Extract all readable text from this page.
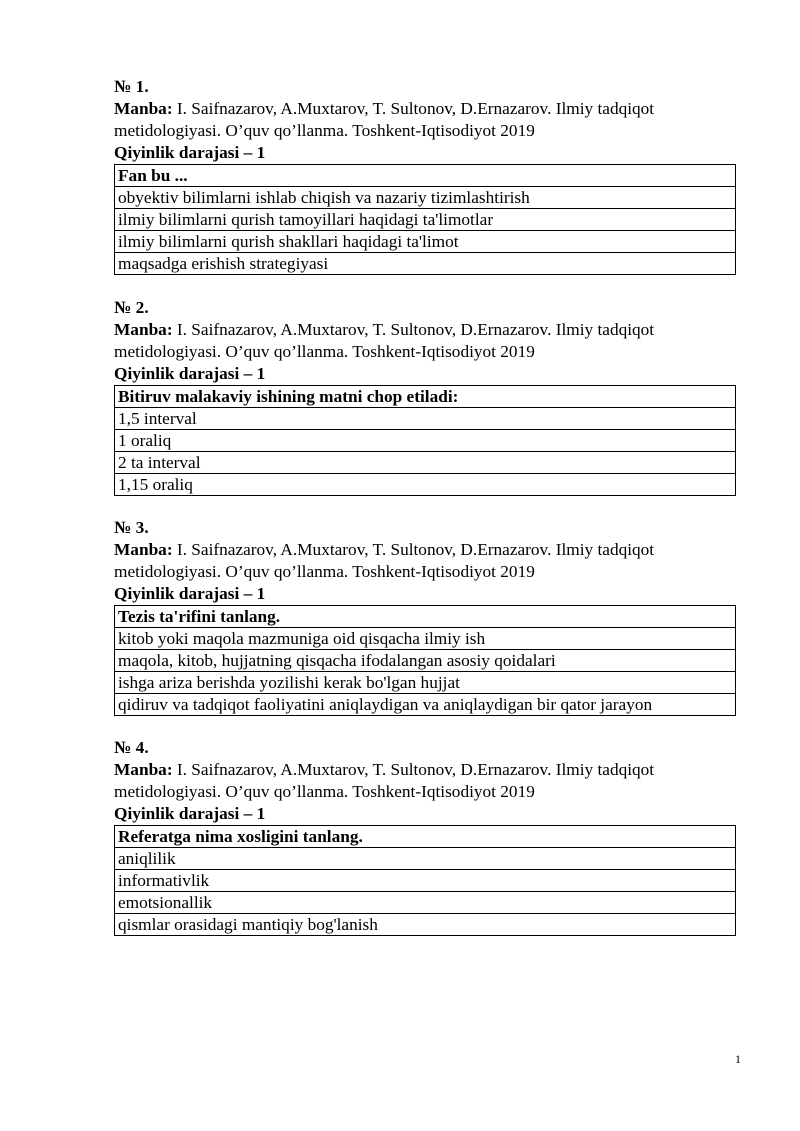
№ 1.
Manba: I. Saifnazarov, A.Muxtarov, T. Sultonov, D.Ernazarov. Ilmiy tadqiqot
metidologiyasi. O’quv qo’llanma. Toshkent-Iqtisodiyot 2019
Qiyinlik darajasi – 1
Fan bu ...
obyektiv bilimlarni ishlab chiqish va nazariy tizimlashtirish
ilmiy bilimlarni qurish tamoyillari haqidagi ta'limotlar
ilmiy bilimlarni qurish shakllari haqidagi ta'limot
maqsadga erishish strategiyasi
№ 2.
Manba: I. Saifnazarov, A.Muxtarov, T. Sultonov, D.Ernazarov. Ilmiy tadqiqot
metidologiyasi. O’quv qo’llanma. Toshkent-Iqtisodiyot 2019
Qiyinlik darajasi – 1
Bitiruv malakaviy ishining matni chop etiladi:
1,5 interval
1 oraliq
2 ta interval
1,15 oraliq
№ 3.
Manba: I. Saifnazarov, A.Muxtarov, T. Sultonov, D.Ernazarov. Ilmiy tadqiqot
metidologiyasi. O’quv qo’llanma. Toshkent-Iqtisodiyot 2019
Qiyinlik darajasi – 1
Tezis ta'rifini tanlang.
kitob yoki maqola mazmuniga oid qisqacha ilmiy ish
maqola, kitob, hujjatning qisqacha ifodalangan asosiy qoidalari
ishga ariza berishda yozilishi kerak bo'lgan hujjat
qidiruv va tadqiqot faoliyatini aniqlaydigan va aniqlaydigan bir qator jarayon
№ 4.
Manba: I. Saifnazarov, A.Muxtarov, T. Sultonov, D.Ernazarov. Ilmiy tadqiqot
metidologiyasi. O’quv qo’llanma. Toshkent-Iqtisodiyot 2019
Qiyinlik darajasi – 1
Referatga nima xosligini tanlang.
aniqlilik
informativlik
emotsionallik
qismlar orasidagi mantiqiy bog'lanish
1
